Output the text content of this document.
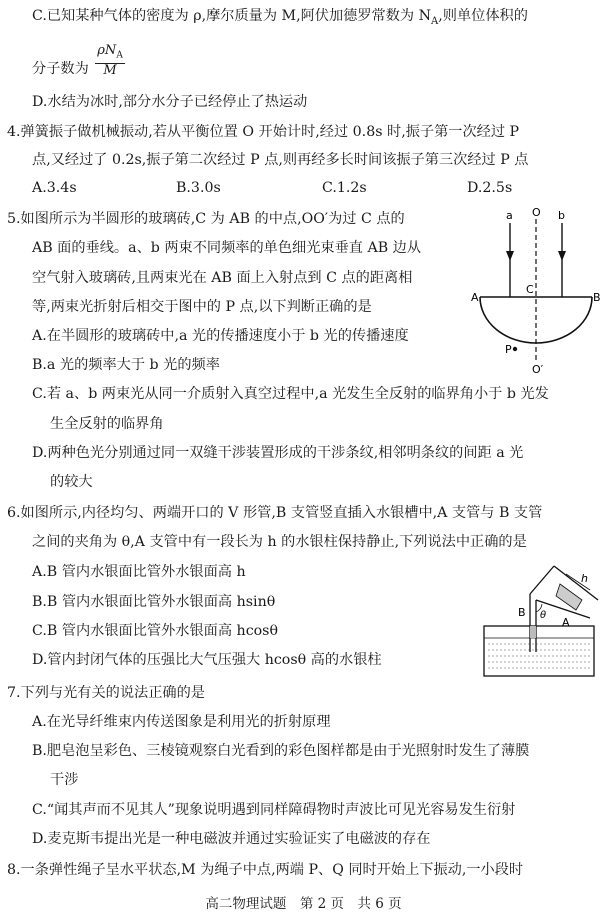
C.已知某种气体的密度为 ρ,摩尔质量为 M,阿伏加德罗常数为 $N_A$,则单位体积的
分子数为 $\frac{\rho N_A}{M}$
D.水结为冰时,部分水分子已经停止了热运动
4.弹簧振子做机械振动,若从平衡位置 O 开始计时,经过 0.8s 时,振子第一次经过 P
点,又经过了 0.2s,振子第二次经过 P 点,则再经多长时间该振子第三次经过 P 点
A.3.4s	B.3.0s	C.1.2s	D.2.5s
5.如图所示为半圆形的玻璃砖,C 为 AB 的中点,OO′为过 C 点的
AB 面的垂线。a、b 两束不同频率的单色细光束垂直 AB 边从
空气射入玻璃砖,且两束光在 AB 面上入射点到 C 点的距离相
等,两束光折射后相交于图中的 P 点,以下判断正确的是
A.在半圆形的玻璃砖中,a 光的传播速度小于 b 光的传播速度
B.a 光的频率大于 b 光的频率
C.若 a、b 两束光从同一介质射入真空过程中,a 光发生全反射的临界角小于 b 光发
生全反射的临界角
D.两种色光分别通过同一双缝干涉装置形成的干涉条纹,相邻明条纹的间距 a 光
的较大
a	b
O
A	B
C
P
O′
6.如图所示,内径均匀、两端开口的 V 形管,B 支管竖直插入水银槽中,A 支管与 B 支管
之间的夹角为 θ,A 支管中有一段长为 h 的水银柱保持静止,下列说法中正确的是
A.B 管内水银面比管外水银面高 h
B.B 管内水银面比管外水银面高 hsinθ
C.B 管内水银面比管外水银面高 hcosθ
D.管内封闭气体的压强比大气压强大 hcosθ 高的水银柱
h
θ
B
A
7.下列与光有关的说法正确的是
A.在光导纤维束内传送图象是利用光的折射原理
B.肥皂泡呈彩色、三棱镜观察白光看到的彩色图样都是由于光照射时发生了薄膜
干涉
C.“闻其声而不见其人”现象说明遇到同样障碍物时声波比可见光容易发生衍射
D.麦克斯韦提出光是一种电磁波并通过实验证实了电磁波的存在
8.一条弹性绳子呈水平状态,M 为绳子中点,两端 P、Q 同时开始上下振动,一小段时
高二物理试题　第 2 页　共 6 页
